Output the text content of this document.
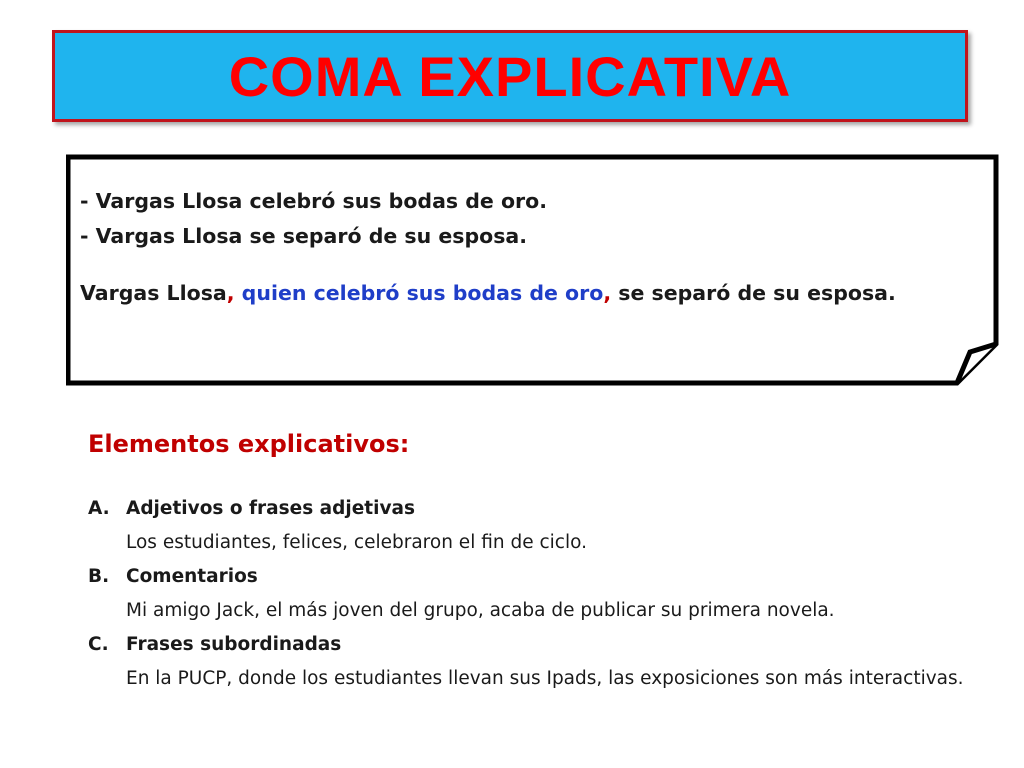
COMA EXPLICATIVA
- Vargas Llosa celebró sus bodas de oro.
- Vargas Llosa se separó de su esposa.
Vargas Llosa, quien celebró sus bodas de oro, se separó de su esposa.
Elementos explicativos:
A. Adjetivos o frases adjetivas
Los estudiantes, felices, celebraron el fin de ciclo.
B. Comentarios
Mi amigo Jack, el más joven del grupo, acaba de publicar su primera novela.
C. Frases subordinadas
En la PUCP, donde los estudiantes llevan sus Ipads, las exposiciones son más interactivas.
